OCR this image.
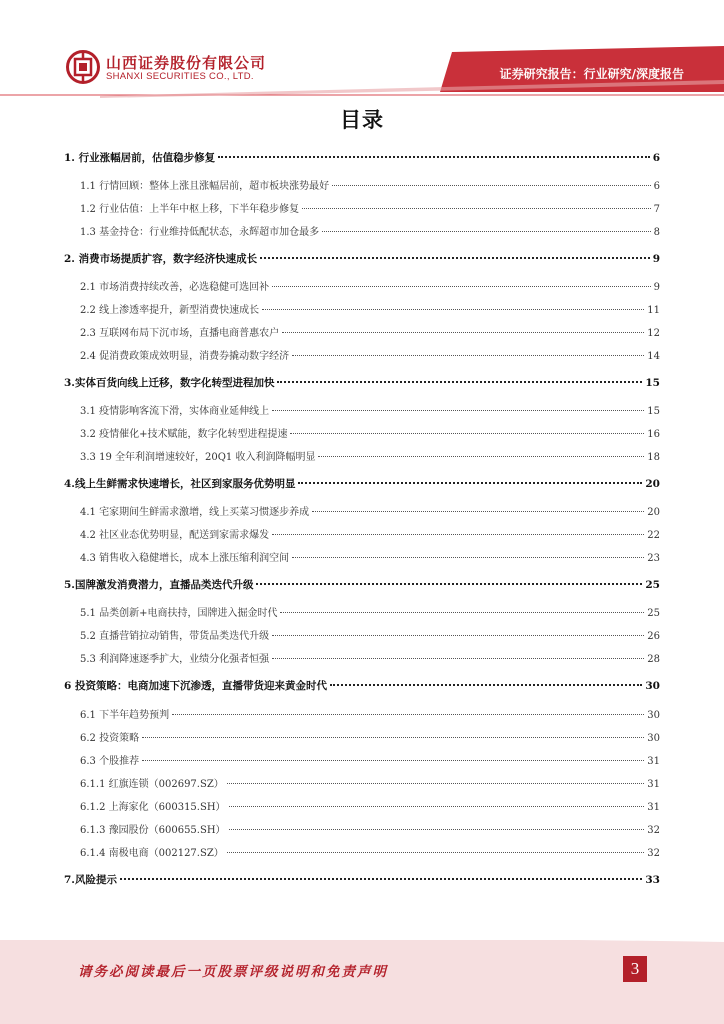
山西证券股份有限公司
SHANXI SECURITIES CO., LTD.	证券研究报告：行业研究/深度报告
目录
1. 行业涨幅居前，估值稳步修复	6
1.1 行情回顾：整体上涨且涨幅居前，超市板块涨势最好	6
1.2 行业估值：上半年中枢上移，下半年稳步修复	7
1.3 基金持仓：行业维持低配状态，永辉超市加仓最多	8
2. 消费市场提质扩容，数字经济快速成长	9
2.1 市场消费持续改善，必选稳健可选回补	9
2.2 线上渗透率提升，新型消费快速成长	11
2.3 互联网布局下沉市场，直播电商普惠农户	12
2.4 促消费政策成效明显，消费券撬动数字经济	14
3.实体百货向线上迁移，数字化转型进程加快	15
3.1 疫情影响客流下滑，实体商业延伸线上	15
3.2 疫情催化+技术赋能，数字化转型进程提速	16
3.3 19 全年利润增速较好，20Q1 收入利润降幅明显	18
4.线上生鲜需求快速增长，社区到家服务优势明显	20
4.1 宅家期间生鲜需求激增，线上买菜习惯逐步养成	20
4.2 社区业态优势明显，配送到家需求爆发	22
4.3 销售收入稳健增长，成本上涨压缩利润空间	23
5.国牌激发消费潜力，直播品类迭代升级	25
5.1 品类创新+电商扶持，国牌进入掘金时代	25
5.2 直播营销拉动销售，带货品类迭代升级	26
5.3 利润降速逐季扩大，业绩分化强者恒强	28
6 投资策略：电商加速下沉渗透，直播带货迎来黄金时代	30
6.1 下半年趋势预判	30
6.2 投资策略	30
6.3 个股推荐	31
6.1.1 红旗连锁（002697.SZ）	31
6.1.2 上海家化（600315.SH）	31
6.1.3 豫园股份（600655.SH）	32
6.1.4 南极电商（002127.SZ）	32
7.风险提示	33
请务必阅读最后一页股票评级说明和免责声明	3
